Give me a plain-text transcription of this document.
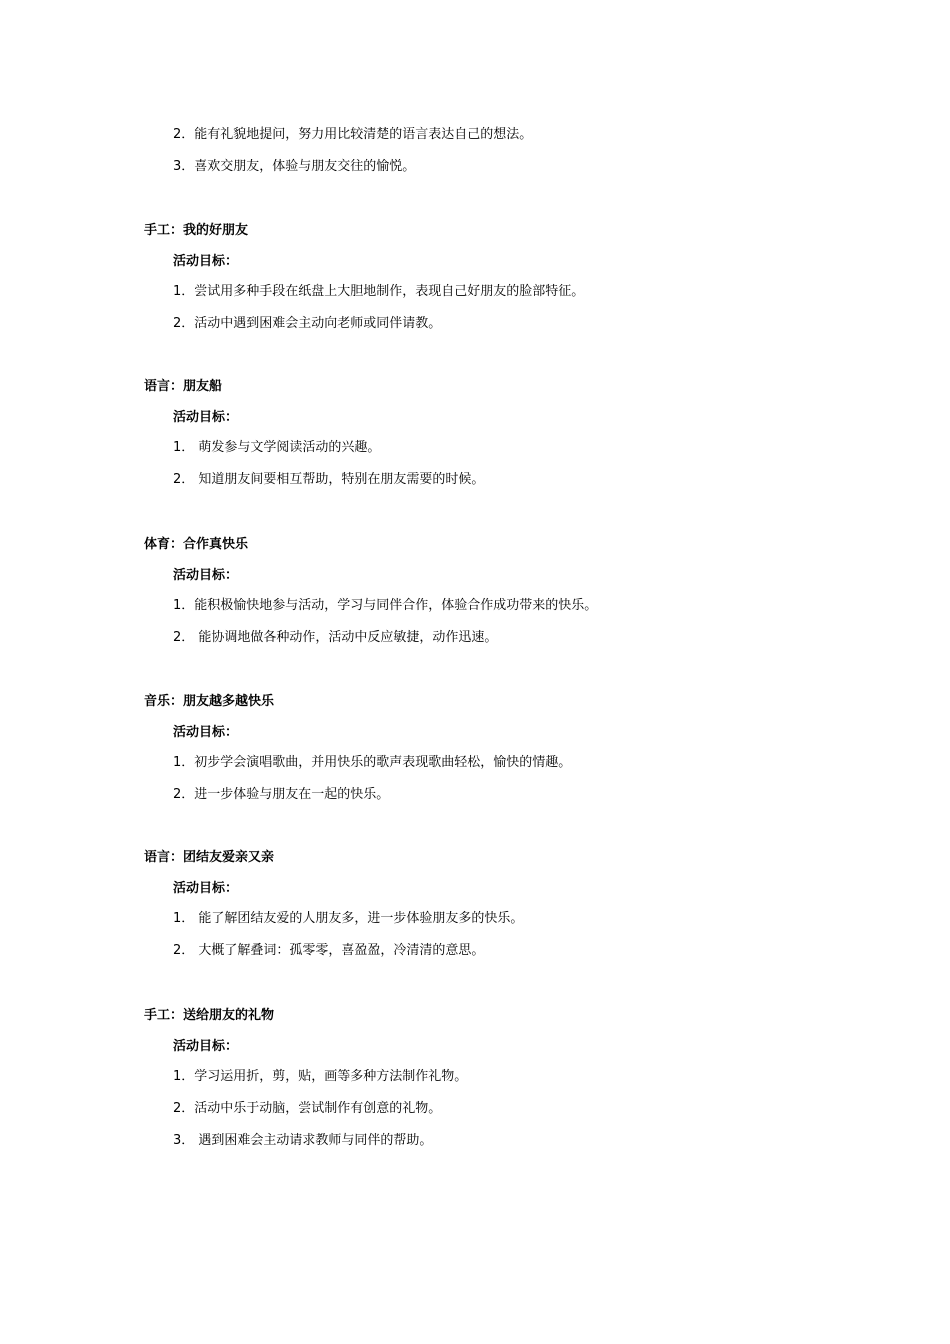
2．能有礼貌地提问，努力用比较清楚的语言表达自己的想法。
3．喜欢交朋友，体验与朋友交往的愉悦。
手工：我的好朋友
活动目标：
1．尝试用多种手段在纸盘上大胆地制作，表现自己好朋友的脸部特征。
2．活动中遇到困难会主动向老师或同伴请教。
语言：朋友船
活动目标：
1． 萌发参与文学阅读活动的兴趣。
2． 知道朋友间要相互帮助，特别在朋友需要的时候。
体育：合作真快乐
活动目标：
1．能积极愉快地参与活动，学习与同伴合作，体验合作成功带来的快乐。
2． 能协调地做各种动作，活动中反应敏捷，动作迅速。
音乐：朋友越多越快乐
活动目标：
1．初步学会演唱歌曲，并用快乐的歌声表现歌曲轻松，愉快的情趣。
2．进一步体验与朋友在一起的快乐。
语言：团结友爱亲又亲
活动目标：
1． 能了解团结友爱的人朋友多，进一步体验朋友多的快乐。
2． 大概了解叠词：孤零零，喜盈盈，冷清清的意思。
手工：送给朋友的礼物
活动目标：
1．学习运用折，剪，贴，画等多种方法制作礼物。
2．活动中乐于动脑，尝试制作有创意的礼物。
3． 遇到困难会主动请求教师与同伴的帮助。
